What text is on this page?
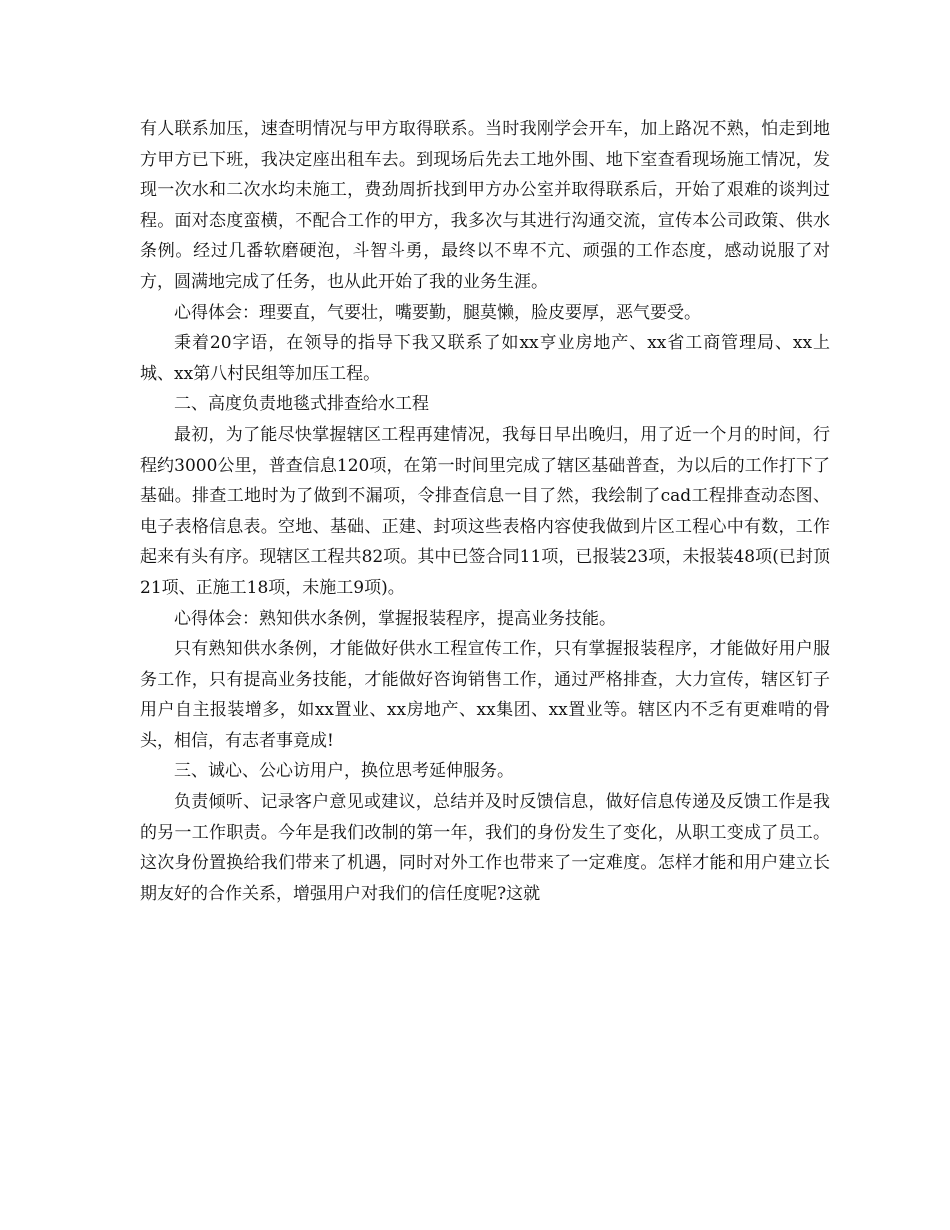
有人联系加压，速查明情况与甲方取得联系。当时我刚学会开车，加上路况不熟，怕走到地方甲方已下班，我决定座出租车去。到现场后先去工地外围、地下室查看现场施工情况，发现一次水和二次水均未施工，费劲周折找到甲方办公室并取得联系后，开始了艰难的谈判过程。面对态度蛮横，不配合工作的甲方，我多次与其进行沟通交流，宣传本公司政策、供水条例。经过几番软磨硬泡，斗智斗勇，最终以不卑不亢、顽强的工作态度，感动说服了对方，圆满地完成了任务，也从此开始了我的业务生涯。

心得体会：理要直，气要壮，嘴要勤，腿莫懒，脸皮要厚，恶气要受。

秉着20字语，在领导的指导下我又联系了如xx亨业房地产、xx省工商管理局、xx上城、xx第八村民组等加压工程。

二、高度负责地毯式排查给水工程

最初，为了能尽快掌握辖区工程再建情况，我每日早出晚归，用了近一个月的时间，行程约3000公里，普查信息120项，在第一时间里完成了辖区基础普查，为以后的工作打下了基础。排查工地时为了做到不漏项，令排查信息一目了然，我绘制了cad工程排查动态图、电子表格信息表。空地、基础、正建、封项这些表格内容使我做到片区工程心中有数，工作起来有头有序。现辖区工程共82项。其中已签合同11项，已报装23项，未报装48项(已封顶21项、正施工18项，未施工9项)。

心得体会：熟知供水条例，掌握报装程序，提高业务技能。

只有熟知供水条例，才能做好供水工程宣传工作，只有掌握报装程序，才能做好用户服务工作，只有提高业务技能，才能做好咨询销售工作，通过严格排查，大力宣传，辖区钉子用户自主报装增多，如xx置业、xx房地产、xx集团、xx置业等。辖区内不乏有更难啃的骨头，相信，有志者事竟成!

三、诚心、公心访用户，换位思考延伸服务。

负责倾听、记录客户意见或建议，总结并及时反馈信息，做好信息传递及反馈工作是我的另一工作职责。今年是我们改制的第一年，我们的身份发生了变化，从职工变成了员工。这次身份置换给我们带来了机遇，同时对外工作也带来了一定难度。怎样才能和用户建立长期友好的合作关系，增强用户对我们的信任度呢?这就
